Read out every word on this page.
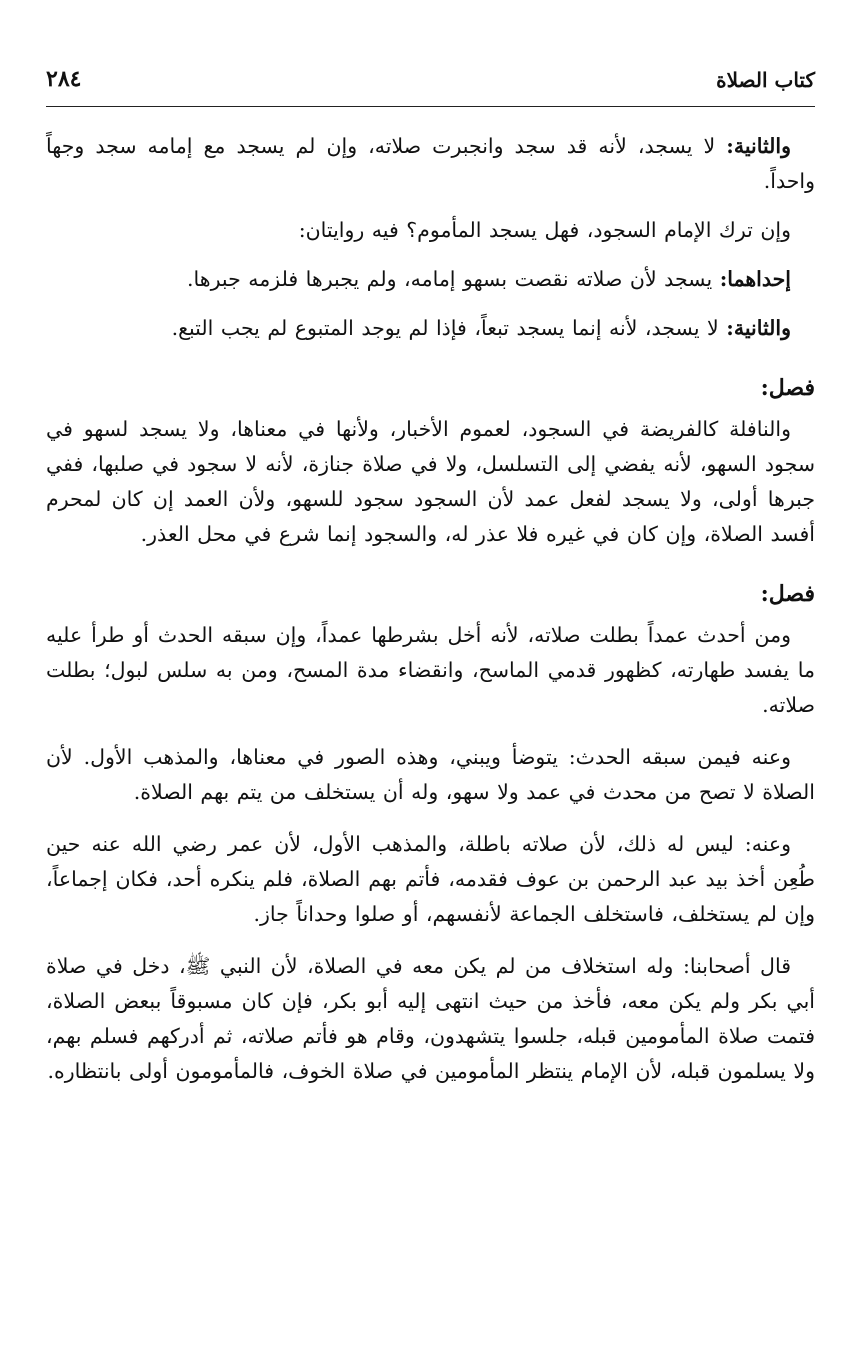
كتاب الصلاة
٢٨٤

والثانية: لا يسجد، لأنه قد سجد وانجبرت صلاته، وإن لم يسجد مع إمامه سجد وجهاً واحداً.

وإن ترك الإمام السجود، فهل يسجد المأموم؟ فيه روايتان:

إحداهما: يسجد لأن صلاته نقصت بسهو إمامه، ولم يجبرها فلزمه جبرها.

والثانية: لا يسجد، لأنه إنما يسجد تبعاً، فإذا لم يوجد المتبوع لم يجب التبع.

فصل:

والنافلة كالفريضة في السجود، لعموم الأخبار، ولأنها في معناها، ولا يسجد لسهو في سجود السهو، لأنه يفضي إلى التسلسل، ولا في صلاة جنازة، لأنه لا سجود في صلبها، ففي جبرها أولى، ولا يسجد لفعل عمد لأن السجود سجود للسهو، ولأن العمد إن كان لمحرم أفسد الصلاة، وإن كان في غيره فلا عذر له، والسجود إنما شرع في محل العذر.

فصل:

ومن أحدث عمداً بطلت صلاته، لأنه أخل بشرطها عمداً، وإن سبقه الحدث أو طرأ عليه ما يفسد طهارته، كظهور قدمي الماسح، وانقضاء مدة المسح، ومن به سلس لبول؛ بطلت صلاته.

وعنه فيمن سبقه الحدث: يتوضأ ويبني، وهذه الصور في معناها، والمذهب الأول. لأن الصلاة لا تصح من محدث في عمد ولا سهو، وله أن يستخلف من يتم بهم الصلاة.

وعنه: ليس له ذلك، لأن صلاته باطلة، والمذهب الأول، لأن عمر رضي الله عنه حين طُعِن أخذ بيد عبد الرحمن بن عوف فقدمه، فأتم بهم الصلاة، فلم ينكره أحد، فكان إجماعاً، وإن لم يستخلف، فاستخلف الجماعة لأنفسهم، أو صلوا وحداناً جاز.

قال أصحابنا: وله استخلاف من لم يكن معه في الصلاة، لأن النبي ﷺ، دخل في صلاة أبي بكر ولم يكن معه، فأخذ من حيث انتهى إليه أبو بكر، فإن كان مسبوقاً ببعض الصلاة، فتمت صلاة المأمومين قبله، جلسوا يتشهدون، وقام هو فأتم صلاته، ثم أدركهم فسلم بهم، ولا يسلمون قبله، لأن الإمام ينتظر المأمومين في صلاة الخوف، فالمأمومون أولى بانتظاره.
